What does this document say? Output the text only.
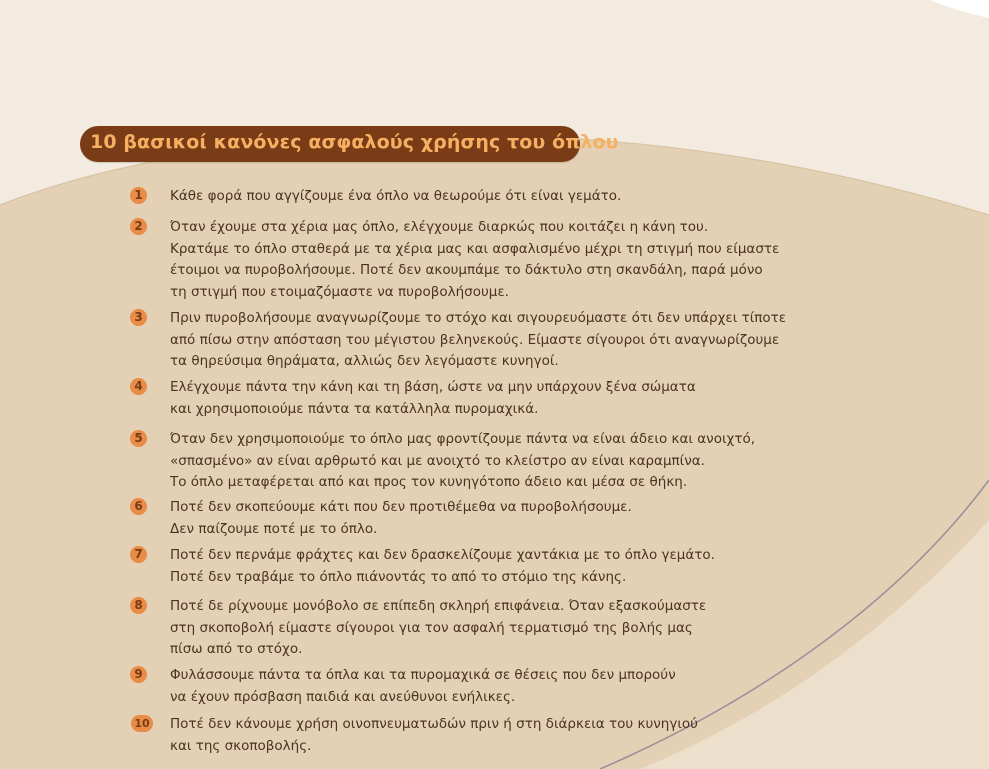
10 βασικοί κανόνες ασφαλούς χρήσης του όπλου
1	Κάθε φορά που αγγίζουμε ένα όπλο να θεωρούμε ότι είναι γεμάτο.
2	Όταν έχουμε στα χέρια μας όπλο, ελέγχουμε διαρκώς που κοιτάζει η κάνη του.
Κρατάμε το όπλο σταθερά με τα χέρια μας και ασφαλισμένο μέχρι τη στιγμή που είμαστε
έτοιμοι να πυροβολήσουμε. Ποτέ δεν ακουμπάμε το δάκτυλο στη σκανδάλη, παρά μόνο
τη στιγμή που ετοιμαζόμαστε να πυροβολήσουμε.
3	Πριν πυροβολήσουμε αναγνωρίζουμε το στόχο και σιγουρευόμαστε ότι δεν υπάρχει τίποτε
από πίσω στην απόσταση του μέγιστου βεληνεκούς. Είμαστε σίγουροι ότι αναγνωρίζουμε
τα θηρεύσιμα θηράματα, αλλιώς δεν λεγόμαστε κυνηγοί.
4	Ελέγχουμε πάντα την κάνη και τη βάση, ώστε να μην υπάρχουν ξένα σώματα
και χρησιμοποιούμε πάντα τα κατάλληλα πυρομαχικά.
5	Όταν δεν χρησιμοποιούμε το όπλο μας φροντίζουμε πάντα να είναι άδειο και ανοιχτό,
«σπασμένο» αν είναι αρθρωτό και με ανοιχτό το κλείστρο αν είναι καραμπίνα.
Το όπλο μεταφέρεται από και προς τον κυνηγότοπο άδειο και μέσα σε θήκη.
6	Ποτέ δεν σκοπεύουμε κάτι που δεν προτιθέμεθα να πυροβολήσουμε.
Δεν παίζουμε ποτέ με το όπλο.
7	Ποτέ δεν περνάμε φράχτες και δεν δρασκελίζουμε χαντάκια με το όπλο γεμάτο.
Ποτέ δεν τραβάμε το όπλο πιάνοντάς το από το στόμιο της κάνης.
8	Ποτέ δε ρίχνουμε μονόβολο σε επίπεδη σκληρή επιφάνεια. Όταν εξασκούμαστε
στη σκοποβολή είμαστε σίγουροι για τον ασφαλή τερματισμό της βολής μας
πίσω από το στόχο.
9	Φυλάσσουμε πάντα τα όπλα και τα πυρομαχικά σε θέσεις που δεν μπορούν
να έχουν πρόσβαση παιδιά και ανεύθυνοι ενήλικες.
10 Ποτέ δεν κάνουμε χρήση οινοπνευματωδών πριν ή στη διάρκεια του κυνηγιού
και της σκοποβολής.
